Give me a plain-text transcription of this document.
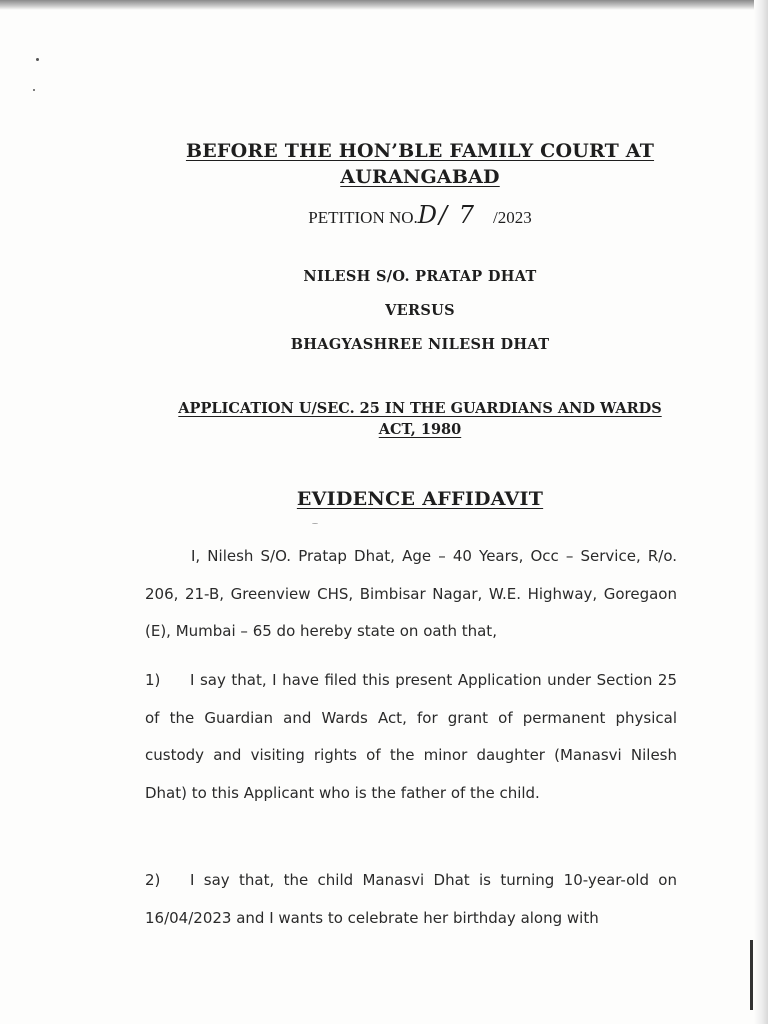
BEFORE THE HON’BLE FAMILY COURT AT
AURANGABAD
PETITION NO.D/ 7 /2023
NILESH S/O. PRATAP DHAT
VERSUS
BHAGYASHREE NILESH DHAT
APPLICATION U/SEC. 25 IN THE GUARDIANS AND WARDS
ACT, 1980
EVIDENCE AFFIDAVIT
I, Nilesh S/O. Pratap Dhat, Age – 40 Years, Occ – Service, R/o. 206, 21-B, Greenview CHS, Bimbisar Nagar, W.E. Highway, Goregaon (E), Mumbai – 65 do hereby state on oath that,
1) I say that, I have filed this present Application under Section 25 of the Guardian and Wards Act, for grant of permanent physical custody and visiting rights of the minor daughter (Manasvi Nilesh Dhat) to this Applicant who is the father of the child.
2) I say that, the child Manasvi Dhat is turning 10-year-old on 16/04/2023 and I wants to celebrate her birthday along with
